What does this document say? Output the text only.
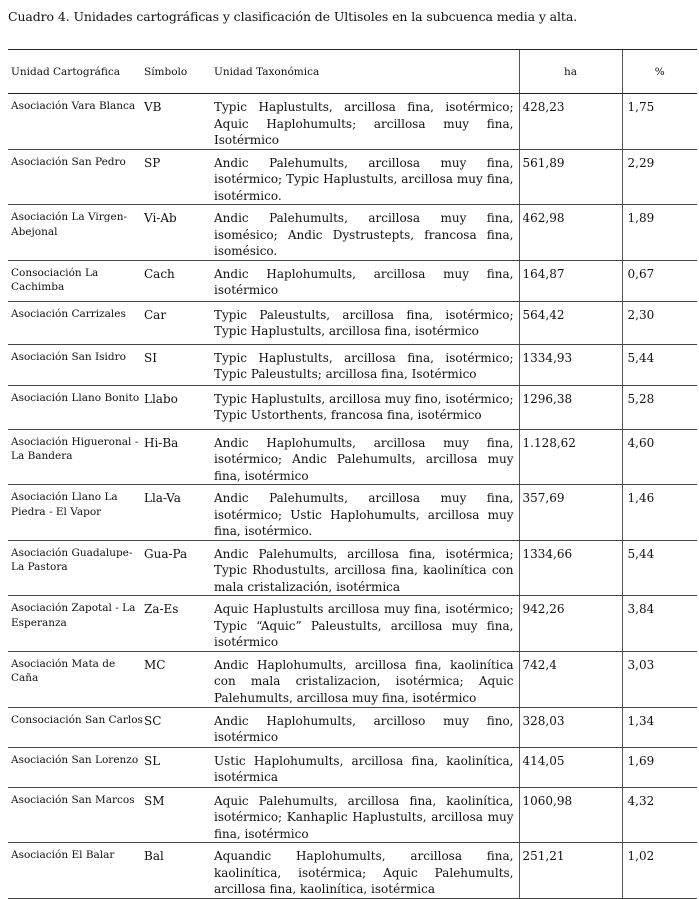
Cuadro 4. Unidades cartográficas y clasificación de Ultisoles en la subcuenca media y alta.
Unidad Cartográfica	Símbolo	Unidad Taxonómica	ha	%
Asociación Vara Blanca	VB	Typic Haplustults, arcillosa fina, isotérmico; Aquic Haplohumults; arcillosa muy fina, Isotérmico	428,23	1,75
Asociación San Pedro	SP	Andic Palehumults, arcillosa muy fina, isotérmico; Typic Haplustults, arcillosa muy fina, isotérmico.	561,89	2,29
Asociación La Virgen-Abejonal	Vi-Ab	Andic Palehumults, arcillosa muy fina, isomésico; Andic Dystrustepts, francosa fina, isomésico.	462,98	1,89
Consociación La Cachimba	Cach	Andic Haplohumults, arcillosa muy fina, isotérmico	164,87	0,67
Asociación Carrizales	Car	Typic Paleustults, arcillosa fina, isotérmico; Typic Haplustults, arcillosa fina, isotérmico	564,42	2,30
Asociación San Isidro	SI	Typic Haplustults, arcillosa fina, isotérmico; Typic Paleustults; arcillosa fina, Isotérmico	1334,93	5,44
Asociación Llano Bonito	Llabo	Typic Haplustults, arcillosa muy fino, isotérmico; Typic Ustorthents, francosa fina, isotérmico	1296,38	5,28
Asociación Higueronal - La Bandera	Hi-Ba	Andic Haplohumults, arcillosa muy fina, isotérmico; Andic Palehumults, arcillosa muy fina, isotérmico	1.128,62	4,60
Asociación Llano La Piedra - El Vapor	Lla-Va	Andic Palehumults, arcillosa muy fina, isotérmico; Ustic Haplohumults, arcillosa muy fina, isotérmico.	357,69	1,46
Asociación Guadalupe-La Pastora	Gua-Pa	Andic Palehumults, arcillosa fina, isotérmica; Typic Rhodustults, arcillosa fina, kaolinítica con mala cristalización, isotérmica	1334,66	5,44
Asociación Zapotal - La Esperanza	Za-Es	Aquic Haplustults arcillosa muy fina, isotérmico; Typic “Aquic” Paleustults, arcillosa muy fina, isotérmico	942,26	3,84
Asociación Mata de Caña	MC	Andic Haplohumults, arcillosa fina, kaolinítica con mala cristalizacion, isotérmica; Aquic Palehumults, arcillosa muy fina, isotérmico	742,4	3,03
Consociación San Carlos	SC	Andic Haplohumults, arcilloso muy fino, isotérmico	328,03	1,34
Asociación San Lorenzo	SL	Ustic Haplohumults, arcillosa fina, kaolinítica, isotérmica	414,05	1,69
Asociación San Marcos	SM	Aquic Palehumults, arcillosa fina, kaolinítica, isotérmico; Kanhaplic Haplustults, arcillosa muy fina, isotérmico	1060,98	4,32
Asociación El Balar	Bal	Aquandic Haplohumults, arcillosa fina, kaolinítica, isotérmica; Aquic Palehumults, arcillosa fina, kaolinítica, isotérmica	251,21	1,02
